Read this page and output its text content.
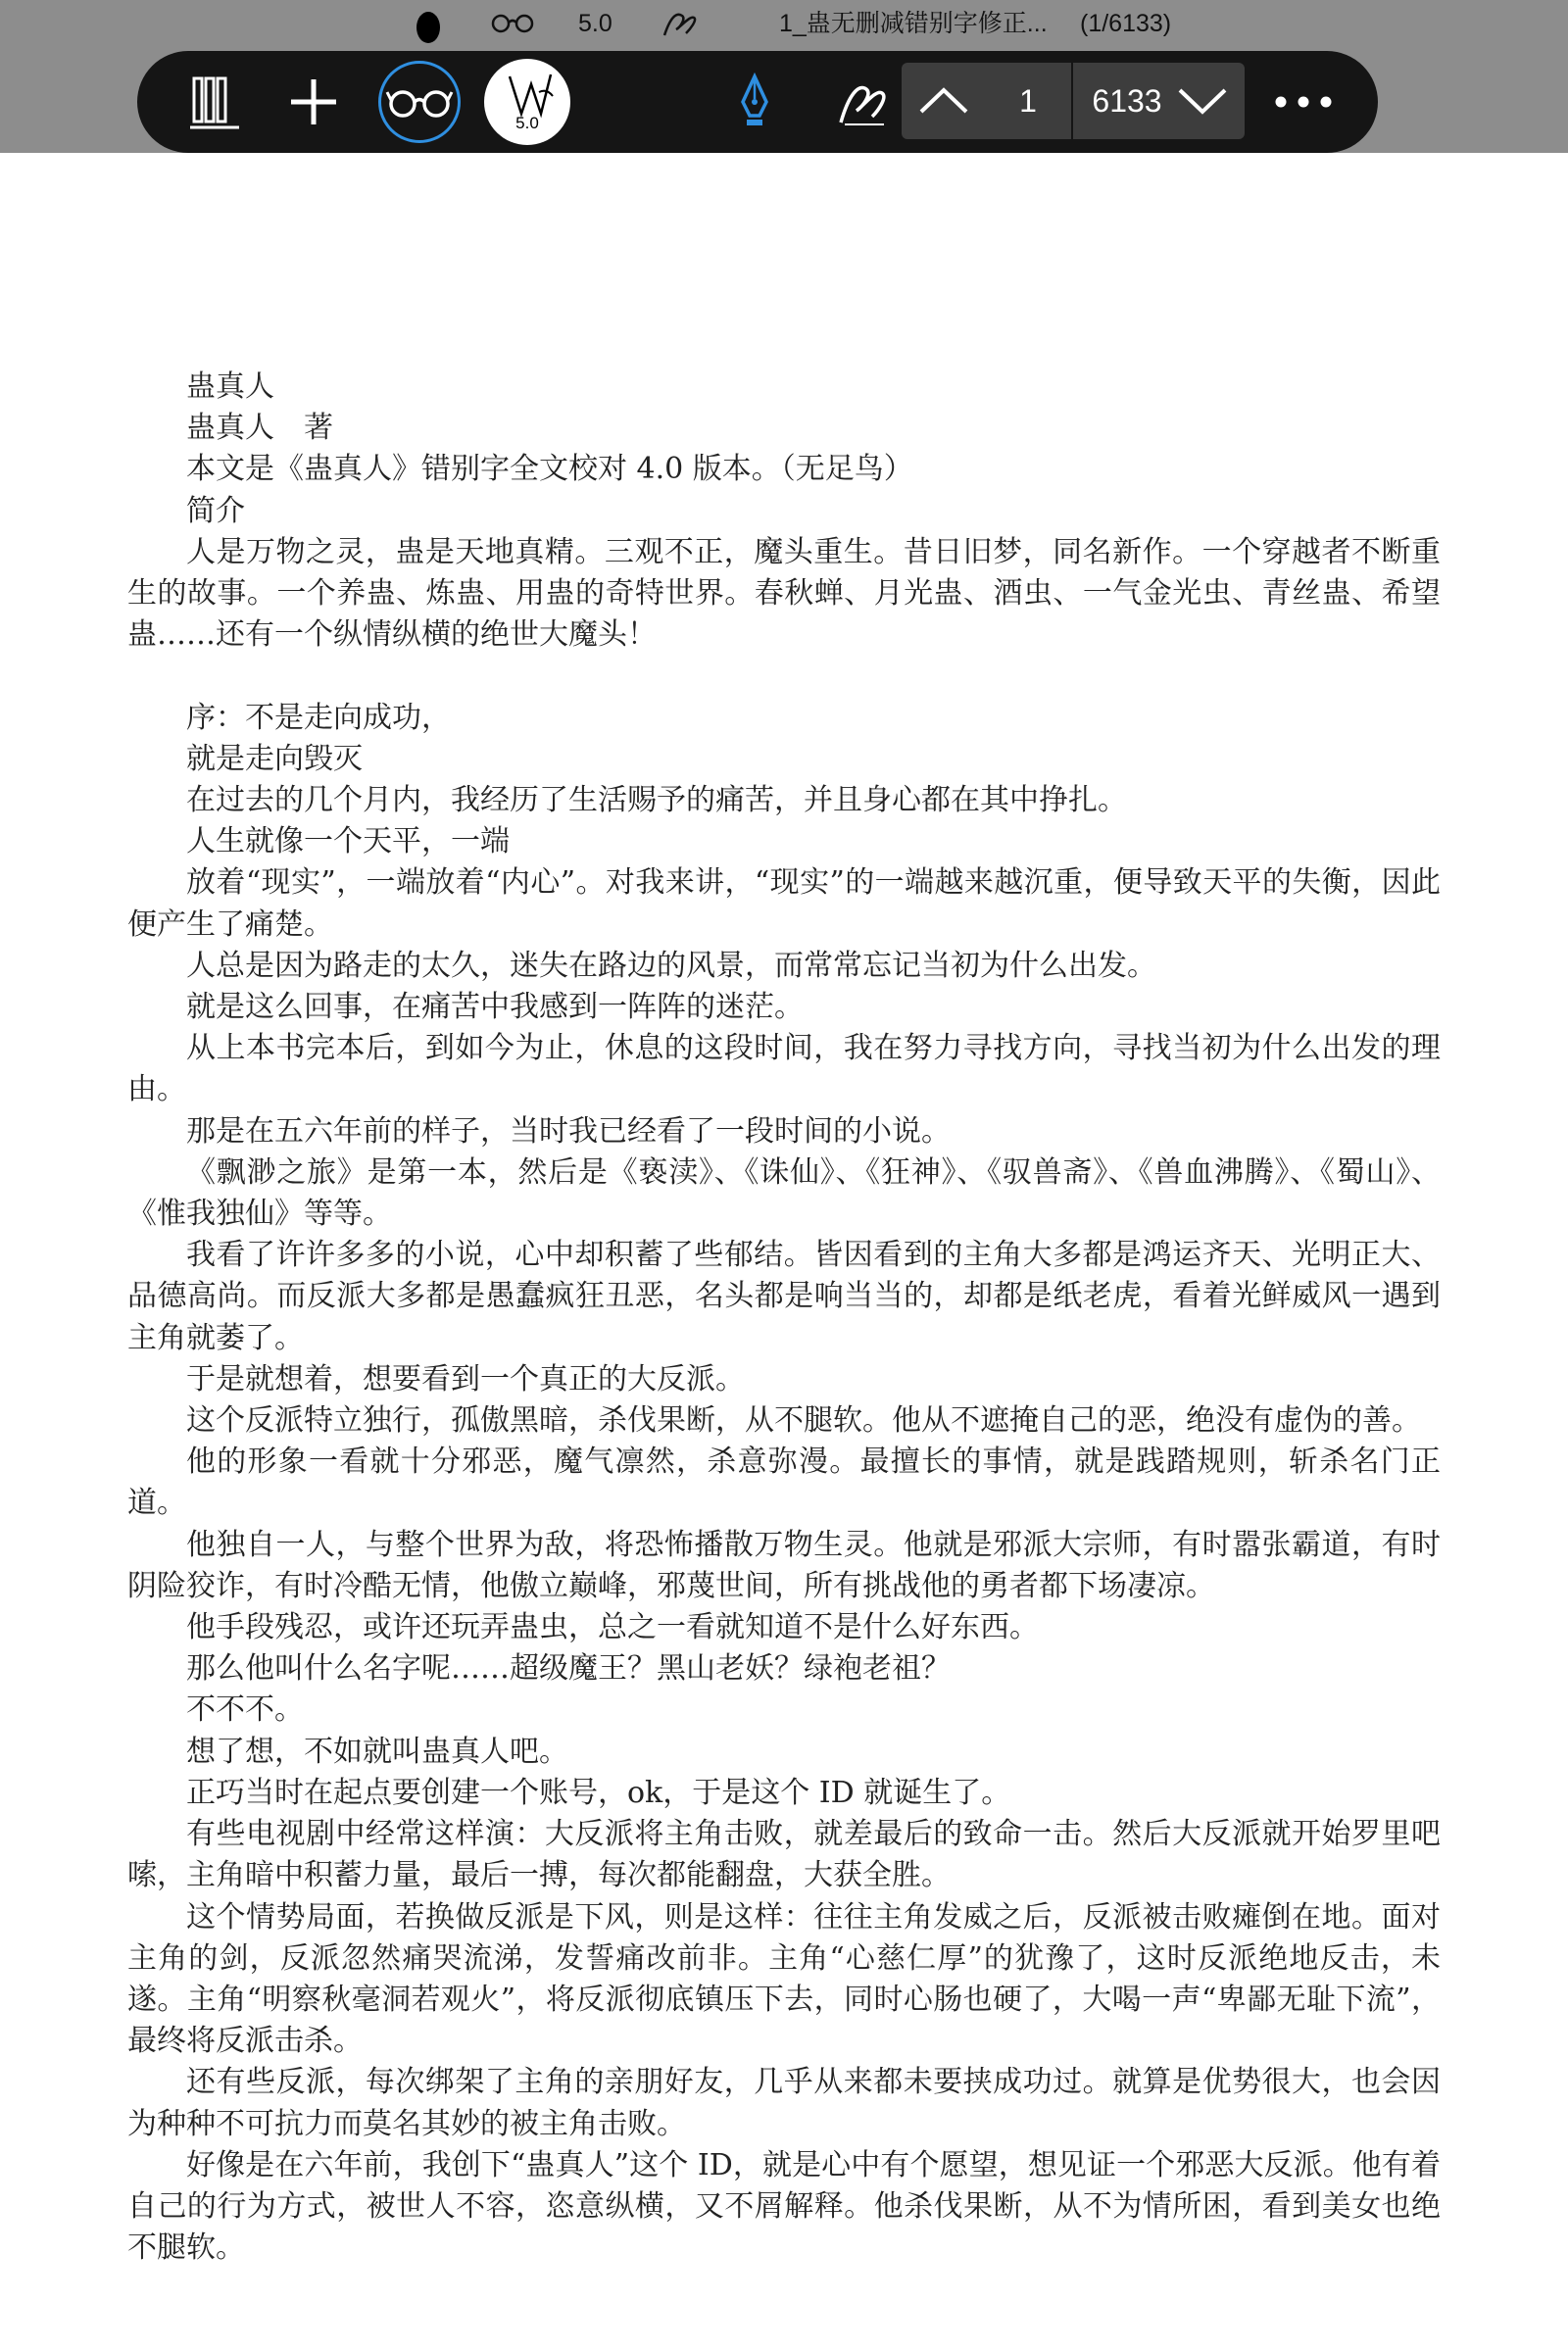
5.0	1_蛊无删减错别字修正... (1/6133)
5.0
1	6133

蛊真人

蛊真人　著

本文是《蛊真人》错别字全文校对 4.0 版本。（无足鸟）

简介

人是万物之灵，蛊是天地真精。三观不正，魔头重生。昔日旧梦，同名新作。一个穿越者不断重生的故事。一个养蛊、炼蛊、用蛊的奇特世界。春秋蝉、月光蛊、酒虫、一气金光虫、青丝蛊、希望蛊……还有一个纵情纵横的绝世大魔头！

序：不是走向成功，

就是走向毁灭

在过去的几个月内，我经历了生活赐予的痛苦，并且身心都在其中挣扎。

人生就像一个天平，一端

放着“现实”，一端放着“内心”。对我来讲，“现实”的一端越来越沉重，便导致天平的失衡，因此便产生了痛楚。

人总是因为路走的太久，迷失在路边的风景，而常常忘记当初为什么出发。

就是这么回事，在痛苦中我感到一阵阵的迷茫。

从上本书完本后，到如今为止，休息的这段时间，我在努力寻找方向，寻找当初为什么出发的理由。

那是在五六年前的样子，当时我已经看了一段时间的小说。

《飘渺之旅》是第一本，然后是《亵渎》、《诛仙》、《狂神》、《驭兽斋》、《兽血沸腾》、《蜀山》、《惟我独仙》等等。

我看了许许多多的小说，心中却积蓄了些郁结。皆因看到的主角大多都是鸿运齐天、光明正大、品德高尚。而反派大多都是愚蠢疯狂丑恶，名头都是响当当的，却都是纸老虎，看着光鲜威风一遇到主角就萎了。

于是就想着，想要看到一个真正的大反派。

这个反派特立独行，孤傲黑暗，杀伐果断，从不腿软。他从不遮掩自己的恶，绝没有虚伪的善。

他的形象一看就十分邪恶，魔气凛然，杀意弥漫。最擅长的事情，就是践踏规则，斩杀名门正道。

他独自一人，与整个世界为敌，将恐怖播散万物生灵。他就是邪派大宗师，有时嚣张霸道，有时阴险狡诈，有时冷酷无情，他傲立巅峰，邪蔑世间，所有挑战他的勇者都下场凄凉。

他手段残忍，或许还玩弄蛊虫，总之一看就知道不是什么好东西。

那么他叫什么名字呢……超级魔王？黑山老妖？绿袍老祖？

不不不。

想了想，不如就叫蛊真人吧。

正巧当时在起点要创建一个账号，ok，于是这个 ID 就诞生了。

有些电视剧中经常这样演：大反派将主角击败，就差最后的致命一击。然后大反派就开始罗里吧嗦，主角暗中积蓄力量，最后一搏，每次都能翻盘，大获全胜。

这个情势局面，若换做反派是下风，则是这样：往往主角发威之后，反派被击败瘫倒在地。面对主角的剑，反派忽然痛哭流涕，发誓痛改前非。主角“心慈仁厚”的犹豫了，这时反派绝地反击，未遂。主角“明察秋毫洞若观火”，将反派彻底镇压下去，同时心肠也硬了，大喝一声“卑鄙无耻下流”，最终将反派击杀。

还有些反派，每次绑架了主角的亲朋好友，几乎从来都未要挟成功过。就算是优势很大，也会因为种种不可抗力而莫名其妙的被主角击败。

好像是在六年前，我创下“蛊真人”这个 ID，就是心中有个愿望，想见证一个邪恶大反派。他有着自己的行为方式，被世人不容，恣意纵横，又不屑解释。他杀伐果断，从不为情所困，看到美女也绝不腿软。
